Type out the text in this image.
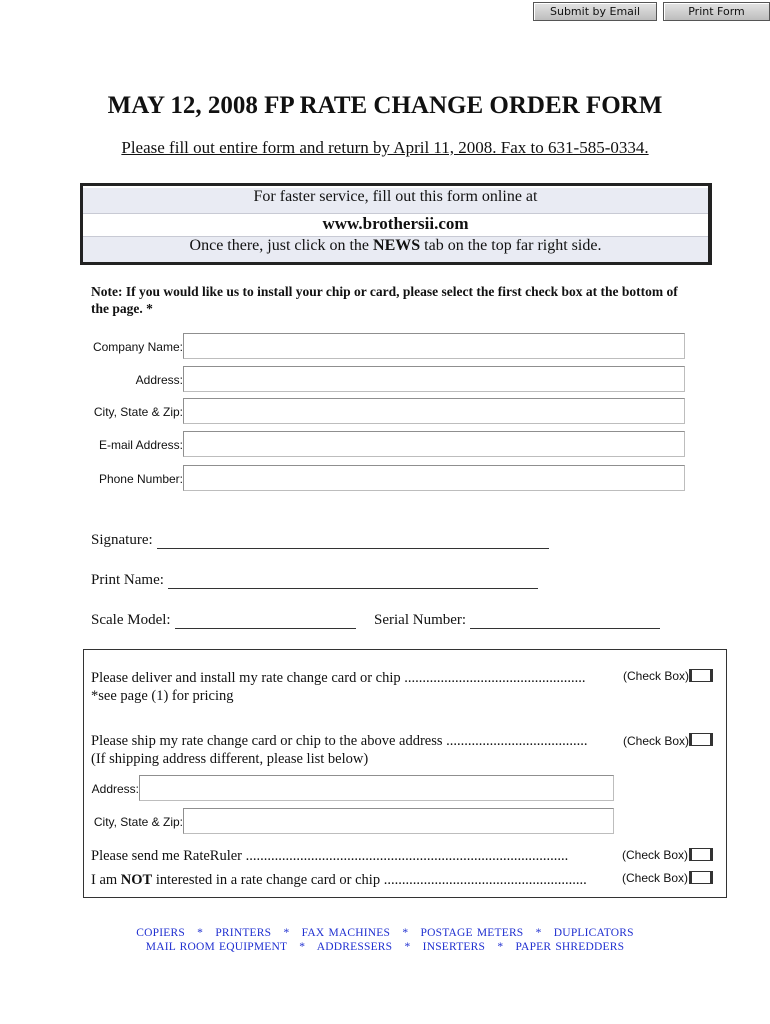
Submit by Email	Print Form
MAY 12, 2008 FP RATE CHANGE ORDER FORM
Please fill out entire form and return by April 11, 2008. Fax to 631-585-0334.
For faster service, fill out this form online at
www.brothersii.com
Once there, just click on the NEWS tab on the top far right side.
Note: If you would like us to install your chip or card, please select the first check box at the bottom of the page. *
Company Name:
Address:
City, State & Zip:
E-mail Address:
Phone Number:
Signature:
Print Name:
Scale Model:	Serial Number:
Please deliver and install my rate change card or chip ..................................................
*see page (1) for pricing
(Check Box)
Please ship my rate change card or chip to the above address .......................................
(If shipping address different, please list below)
(Check Box)
Address:
City, State & Zip:
Please send me RateRuler .........................................................................................	(Check Box)
I am NOT interested in a rate change card or chip ........................................................	(Check Box)
COPIERS   *   PRINTERS   *   FAX MACHINES   *   POSTAGE METERS   *   DUPLICATORS
MAIL ROOM EQUIPMENT   *   ADDRESSERS   *   INSERTERS   *   PAPER SHREDDERS
